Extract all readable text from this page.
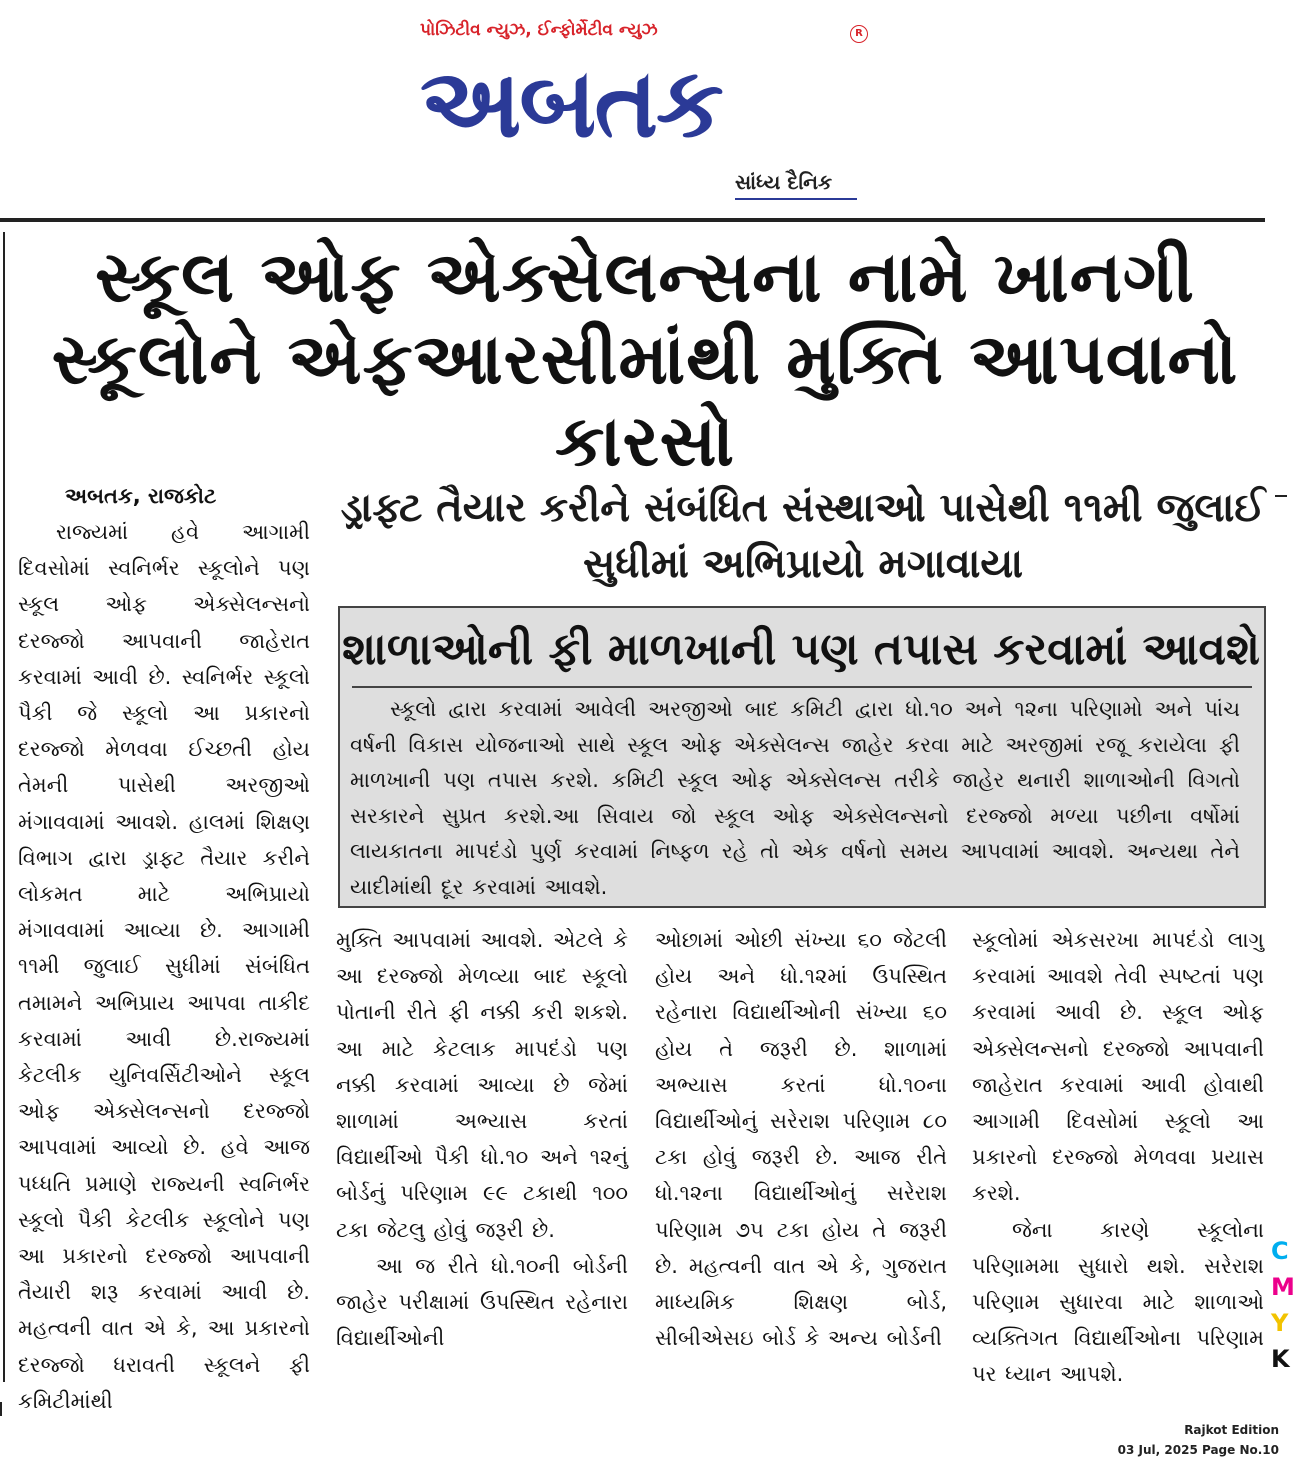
પોઝિટીવ ન્યુઝ, ઈન્ફોર્મેટીવ ન્યુઝ	R
અબતક
સાંધ્ય દૈનિક
સ્કૂલ ઓફ એક્સેલન્સના નામે ખાનગી સ્કૂલોને એફઆરસીમાંથી મુક્તિ આપવાનો કારસો
ડ્રાફ્ટ તૈયાર કરીને સંબંધિત સંસ્થાઓ પાસેથી ૧૧મી જુલાઈ સુધીમાં અભિપ્રાયો મગાવાયા
અબતક, રાજકોટ

રાજ્યમાં હવે આગામી દિવસોમાં સ્વનિર્ભર સ્કૂલોને પણ સ્કૂલ ઓફ એક્સેલન્સનો દરજ્જો આપવાની જાહેરાત કરવામાં આવી છે. સ્વનિર્ભર સ્કૂલો પૈકી જે સ્કૂલો આ પ્રકારનો દરજ્જો મેળવવા ઈચ્છતી હોય તેમની પાસેથી અરજીઓ મંગાવવામાં આવશે. હાલમાં શિક્ષણ વિભાગ દ્વારા ડ્રાફ્ટ તૈયાર કરીને લોકમત માટે અભિપ્રાયો મંગાવવામાં આવ્યા છે. આગામી ૧૧મી જુલાઈ સુધીમાં સંબંધિત તમામને અભિપ્રાય આપવા તાકીદ કરવામાં આવી છે.રાજ્યમાં કેટલીક યુનિવર્સિટીઓને સ્કૂલ ઓફ એક્સેલન્સનો દરજ્જો આપવામાં આવ્યો છે. હવે આજ પધ્ધતિ પ્રમાણે રાજ્યની સ્વનિર્ભર સ્કૂલો પૈકી કેટલીક સ્કૂલોને પણ આ પ્રકારનો દરજ્જો આપવાની તૈયારી શરૂ કરવામાં આવી છે. મહત્વની વાત એ કે, આ પ્રકારનો દરજ્જો ધરાવતી સ્કૂલને ફી કમિટીમાંથી

શાળાઓની ફી માળખાની પણ તપાસ કરવામાં આવશે

સ્કૂલો દ્વારા કરવામાં આવેલી અરજીઓ બાદ કમિટી દ્વારા ધો.૧૦ અને ૧૨ના પરિણામો અને પાંચ વર્ષની વિકાસ યોજનાઓ સાથે સ્કૂલ ઓફ એક્સેલન્સ જાહેર કરવા માટે અરજીમાં રજૂ કરાયેલા ફી માળખાની પણ તપાસ કરશે. કમિટી સ્કૂલ ઓફ એક્સેલન્સ તરીકે જાહેર થનારી શાળાઓની વિગતો સરકારને સુપ્રત કરશે.આ સિવાય જો સ્કૂલ ઓફ એક્સેલન્સનો દરજ્જો મળ્યા પછીના વર્ષોમાં લાયકાતના માપદંડો પુર્ણ કરવામાં નિષ્ફળ રહે તો એક વર્ષનો સમય આપવામાં આવશે. અન્યથા તેને યાદીમાંથી દૂર કરવામાં આવશે.

મુક્તિ આપવામાં આવશે. એટલે કે આ દરજ્જો મેળવ્યા બાદ સ્કૂલો પોતાની રીતે ફી નક્કી કરી શકશે. આ માટે કેટલાક માપદંડો પણ નક્કી કરવામાં આવ્યા છે જેમાં શાળામાં અભ્યાસ કરતાં વિદ્યાર્થીઓ પૈકી ધો.૧૦ અને ૧૨નું બોર્ડનું પરિણામ ૯૯ ટકાથી ૧૦૦ ટકા જેટલુ હોવું જરૂરી છે.

આ જ રીતે ધો.૧૦ની બોર્ડની જાહેર પરીક્ષામાં ઉપસ્થિત રહેનારા વિદ્યાર્થીઓની

ઓછામાં ઓછી સંખ્યા ૬૦ જેટલી હોય અને ધો.૧૨માં ઉપસ્થિત રહેનારા વિદ્યાર્થીઓની સંખ્યા ૬૦ હોય તે જરૂરી છે. શાળામાં અભ્યાસ કરતાં ધો.૧૦ના વિદ્યાર્થીઓનું સરેરાશ પરિણામ ૮૦ ટકા હોવું જરૂરી છે. આજ રીતે ધો.૧૨ના વિદ્યાર્થીઓનું સરેરાશ પરિણામ ૭૫ ટકા હોય તે જરૂરી છે. મહત્વની વાત એ કે, ગુજરાત માધ્યમિક શિક્ષણ બોર્ડ, સીબીએસઇ બોર્ડ કે અન્ય બોર્ડની

સ્કૂલોમાં એકસરખા માપદંડો લાગુ કરવામાં આવશે તેવી સ્પષ્ટતાં પણ કરવામાં આવી છે. સ્કૂલ ઓફ એક્સેલન્સનો દરજ્જો આપવાની જાહેરાત કરવામાં આવી હોવાથી આગામી દિવસોમાં સ્કૂલો આ પ્રકારનો દરજ્જો મેળવવા પ્રયાસ કરશે.

જેના કારણે સ્કૂલોના પરિણામમા સુધારો થશે. સરેરાશ પરિણામ સુધારવા માટે શાળાઓ વ્યક્તિગત વિદ્યાર્થીઓના પરિણામ પર ધ્યાન આપશે.

C
M
Y
K
Rajkot Edition
03 Jul, 2025 Page No.10
